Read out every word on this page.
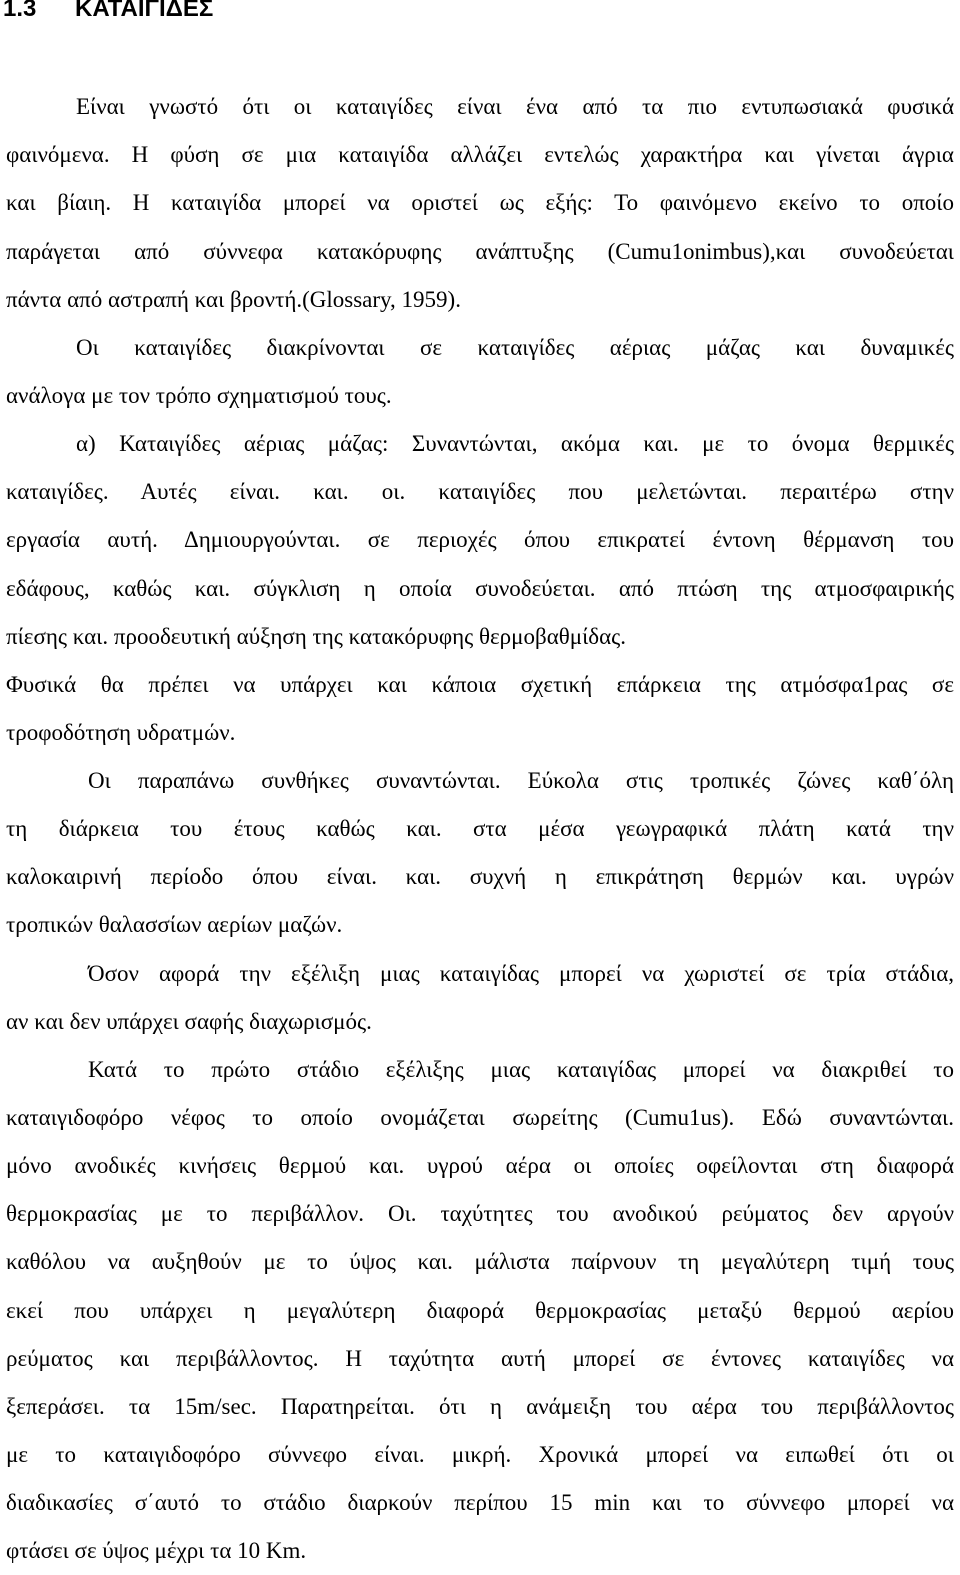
1.3 ΚΑΤΑΙΓΙΔΕΣ
Είναι γνωστό ότι οι καταιγίδες είναι ένα από τα πιο εντυπωσιακά φυσικά
φαινόμενα. Η φύση σε μια καταιγίδα αλλάζει εντελώς χαρακτήρα και γίνεται άγρια
και βίαιη. Η καταιγίδα μπορεί να οριστεί ως εξής: Το φαινόμενο εκείνο το οποίο
παράγεται από σύννεφα κατακόρυφης ανάπτυξης (Cumu1onimbus),και συνοδεύεται
πάντα από αστραπή και βροντή.(Glossary, 1959).
Οι καταιγίδες διακρίνονται σε καταιγίδες αέριας μάζας και δυναμικές
ανάλογα με τον τρόπο σχηματισμού τους.
α) Καταιγίδες αέριας μάζας: Συναντώνται, ακόμα και. με το όνομα θερμικές
καταιγίδες. Αυτές είναι. και. οι. καταιγίδες που μελετώνται. περαιτέρω στην
εργασία αυτή. Δημιουργούνται. σε περιοχές όπου επικρατεί έντονη θέρμανση του
εδάφους, καθώς και. σύγκλιση η οποία συνοδεύεται. από πτώση της ατμοσφαιρικής
πίεσης και. προοδευτική αύξηση της κατακόρυφης θερμοβαθμίδας.
Φυσικά θα πρέπει να υπάρχει και κάποια σχετική επάρκεια της ατμόσφα1ρας σε
τροφοδότηση υδρατμών.
Οι παραπάνω συνθήκες συναντώνται. Εύκολα στις τροπικές ζώνες καθ΄όλη
τη διάρκεια του έτους καθώς και. στα μέσα γεωγραφικά πλάτη κατά την
καλοκαιρινή περίοδο όπου είναι. και. συχνή η επικράτηση θερμών και. υγρών
τροπικών θαλασσίων αερίων μαζών.
Όσον αφορά την εξέλιξη μιας καταιγίδας μπορεί να χωριστεί σε τρία στάδια,
αν και δεν υπάρχει σαφής διαχωρισμός.
Κατά το πρώτο στάδιο εξέλιξης μιας καταιγίδας μπορεί να διακριθεί το
καταιγιδοφόρο νέφος το οποίο ονομάζεται σωρείτης (Cumu1us). Εδώ συναντώνται.
μόνο ανοδικές κινήσεις θερμού και. υγρού αέρα οι οποίες οφείλονται στη διαφορά
θερμοκρασίας με το περιβάλλον. Οι. ταχύτητες του ανοδικού ρεύματος δεν αργούν
καθόλου να αυξηθούν με το ύψος και. μάλιστα παίρνουν τη μεγαλύτερη τιμή τους
εκεί που υπάρχει η μεγαλύτερη διαφορά θερμοκρασίας μεταξύ θερμού αερίου
ρεύματος και περιβάλλοντος. Η ταχύτητα αυτή μπορεί σε έντονες καταιγίδες να
ξεπεράσει. τα 15m/sec. Παρατηρείται. ότι η ανάμειξη του αέρα του περιβάλλοντος
με το καταιγιδοφόρο σύννεφο είναι. μικρή. Χρονικά μπορεί να ειπωθεί ότι οι
διαδικασίες σ΄αυτό το στάδιο διαρκούν περίπου 15 min και το σύννεφο μπορεί να
φτάσει σε ύψος μέχρι τα 10 Km.
